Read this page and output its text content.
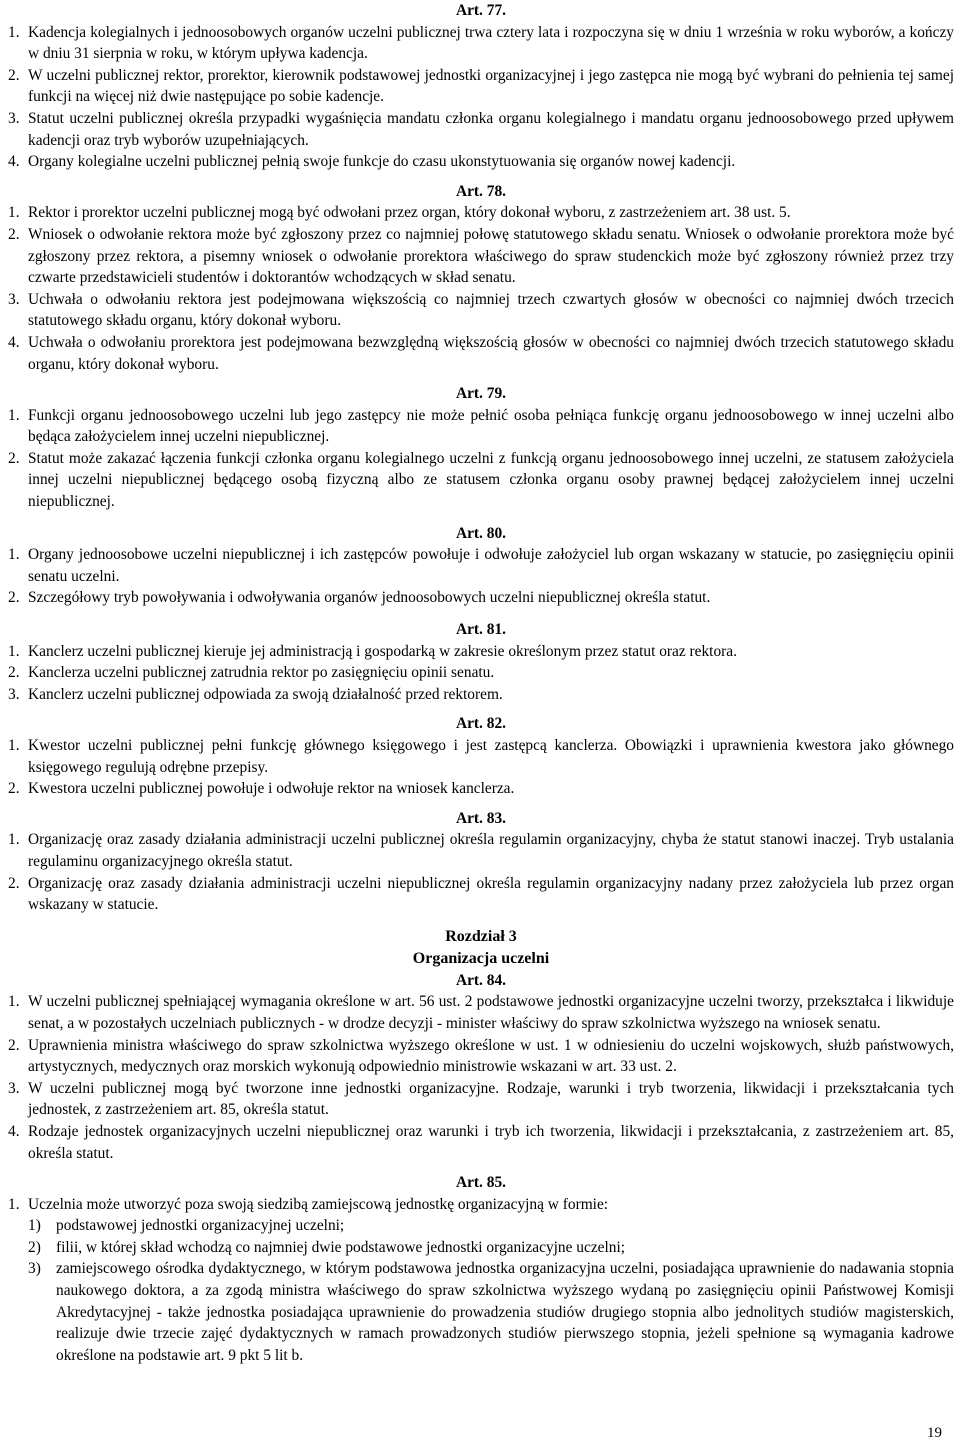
Art. 77.

1. Kadencja kolegialnych i jednoosobowych organów uczelni publicznej trwa cztery lata i rozpoczyna się w dniu 1 września w roku wyborów, a kończy w dniu 31 sierpnia w roku, w którym upływa kadencja.

2. W uczelni publicznej rektor, prorektor, kierownik podstawowej jednostki organizacyjnej i jego zastępca nie mogą być wybrani do pełnienia tej samej funkcji na więcej niż dwie następujące po sobie kadencje.

3. Statut uczelni publicznej określa przypadki wygaśnięcia mandatu członka organu kolegialnego i mandatu organu jednoosobowego przed upływem kadencji oraz tryb wyborów uzupełniających.

4. Organy kolegialne uczelni publicznej pełnią swoje funkcje do czasu ukonstytuowania się organów nowej kadencji.

Art. 78.

1. Rektor i prorektor uczelni publicznej mogą być odwołani przez organ, który dokonał wyboru, z zastrzeżeniem art. 38 ust. 5.

2. Wniosek o odwołanie rektora może być zgłoszony przez co najmniej połowę statutowego składu senatu. Wniosek o odwołanie prorektora może być zgłoszony przez rektora, a pisemny wniosek o odwołanie prorektora właściwego do spraw studenckich może być zgłoszony również przez trzy czwarte przedstawicieli studentów i doktorantów wchodzących w skład senatu.

3. Uchwała o odwołaniu rektora jest podejmowana większością co najmniej trzech czwartych głosów w obecności co najmniej dwóch trzecich statutowego składu organu, który dokonał wyboru.

4. Uchwała o odwołaniu prorektora jest podejmowana bezwzględną większością głosów w obecności co najmniej dwóch trzecich statutowego składu organu, który dokonał wyboru.

Art. 79.

1. Funkcji organu jednoosobowego uczelni lub jego zastępcy nie może pełnić osoba pełniąca funkcję organu jednoosobowego w innej uczelni albo będąca założycielem innej uczelni niepublicznej.

2. Statut może zakazać łączenia funkcji członka organu kolegialnego uczelni z funkcją organu jednoosobowego innej uczelni, ze statusem założyciela innej uczelni niepublicznej będącego osobą fizyczną albo ze statusem członka organu osoby prawnej będącej założycielem innej uczelni niepublicznej.

Art. 80.

1. Organy jednoosobowe uczelni niepublicznej i ich zastępców powołuje i odwołuje założyciel lub organ wskazany w statucie, po zasięgnięciu opinii senatu uczelni.

2. Szczegółowy tryb powoływania i odwoływania organów jednoosobowych uczelni niepublicznej określa statut.

Art. 81.

1. Kanclerz uczelni publicznej kieruje jej administracją i gospodarką w zakresie określonym przez statut oraz rektora.

2. Kanclerza uczelni publicznej zatrudnia rektor po zasięgnięciu opinii senatu.

3. Kanclerz uczelni publicznej odpowiada za swoją działalność przed rektorem.

Art. 82.

1. Kwestor uczelni publicznej pełni funkcję głównego księgowego i jest zastępcą kanclerza. Obowiązki i uprawnienia kwestora jako głównego księgowego regulują odrębne przepisy.

2. Kwestora uczelni publicznej powołuje i odwołuje rektor na wniosek kanclerza.

Art. 83.

1. Organizację oraz zasady działania administracji uczelni publicznej określa regulamin organizacyjny, chyba że statut stanowi inaczej. Tryb ustalania regulaminu organizacyjnego określa statut.

2. Organizację oraz zasady działania administracji uczelni niepublicznej określa regulamin organizacyjny nadany przez założyciela lub przez organ wskazany w statucie.

Rozdział 3

Organizacja uczelni

Art. 84.

1. W uczelni publicznej spełniającej wymagania określone w art. 56 ust. 2 podstawowe jednostki organizacyjne uczelni tworzy, przekształca i likwiduje senat, a w pozostałych uczelniach publicznych - w drodze decyzji - minister właściwy do spraw szkolnictwa wyższego na wniosek senatu.

2. Uprawnienia ministra właściwego do spraw szkolnictwa wyższego określone w ust. 1 w odniesieniu do uczelni wojskowych, służb państwowych, artystycznych, medycznych oraz morskich wykonują odpowiednio ministrowie wskazani w art. 33 ust. 2.

3. W uczelni publicznej mogą być tworzone inne jednostki organizacyjne. Rodzaje, warunki i tryb tworzenia, likwidacji i przekształcania tych jednostek, z zastrzeżeniem art. 85, określa statut.

4. Rodzaje jednostek organizacyjnych uczelni niepublicznej oraz warunki i tryb ich tworzenia, likwidacji i przekształcania, z zastrzeżeniem art. 85, określa statut.

Art. 85.

1. Uczelnia może utworzyć poza swoją siedzibą zamiejscową jednostkę organizacyjną w formie:

1) podstawowej jednostki organizacyjnej uczelni;

2) filii, w której skład wchodzą co najmniej dwie podstawowe jednostki organizacyjne uczelni;

3) zamiejscowego ośrodka dydaktycznego, w którym podstawowa jednostka organizacyjna uczelni, posiadająca uprawnienie do nadawania stopnia naukowego doktora, a za zgodą ministra właściwego do spraw szkolnictwa wyższego wydaną po zasięgnięciu opinii Państwowej Komisji Akredytacyjnej - także jednostka posiadająca uprawnienie do prowadzenia studiów drugiego stopnia albo jednolitych studiów magisterskich, realizuje dwie trzecie zajęć dydaktycznych w ramach prowadzonych studiów pierwszego stopnia, jeżeli spełnione są wymagania kadrowe określone na podstawie art. 9 pkt 5 lit b.

19
